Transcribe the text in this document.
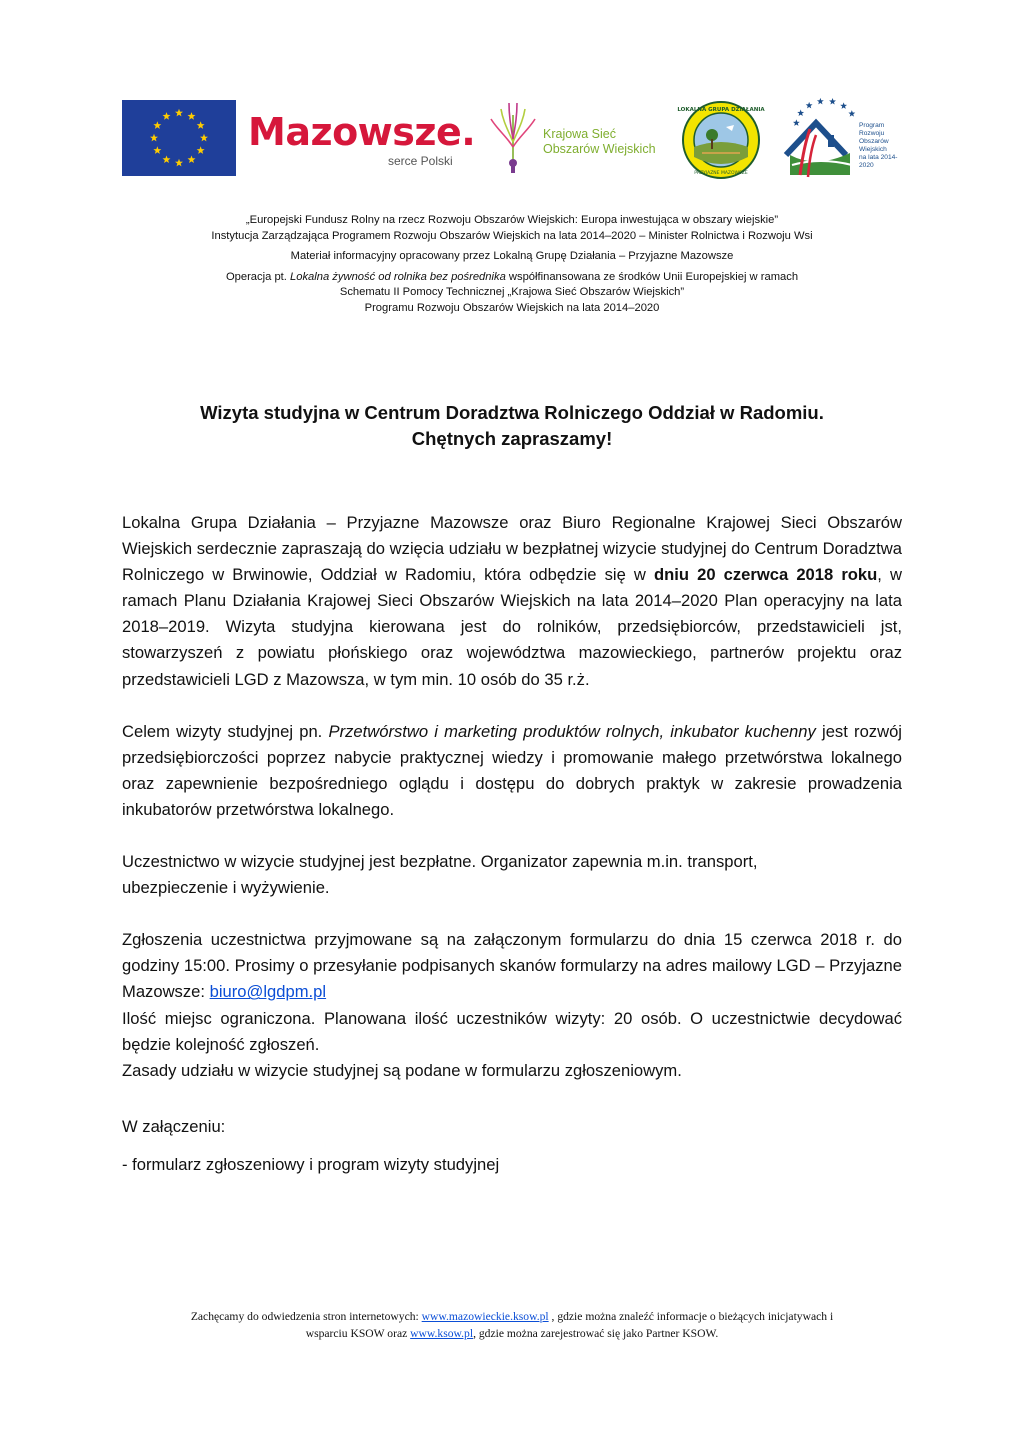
Mazowsze.
serce Polski
Krajowa Sieć
Obszarów Wiejskich
LOKALNA GRUPA DZIAŁANIA
PRZYJAZNE MAZOWSZE
Program
Rozwoju
Obszarów
Wiejskich
na lata 2014-2020

„Europejski Fundusz Rolny na rzecz Rozwoju Obszarów Wiejskich: Europa inwestująca w obszary wiejskie”

Instytucja Zarządzająca Programem Rozwoju Obszarów Wiejskich na lata 2014–2020 – Minister Rolnictwa i Rozwoju Wsi

Materiał informacyjny opracowany przez Lokalną Grupę Działania – Przyjazne Mazowsze

Operacja pt. Lokalna żywność od rolnika bez pośrednika współfinansowana ze środków Unii Europejskiej w ramach

Schematu II Pomocy Technicznej „Krajowa Sieć Obszarów Wiejskich”

Programu Rozwoju Obszarów Wiejskich na lata 2014–2020

Wizyta studyjna w Centrum Doradztwa Rolniczego Oddział w Radomiu.
Chętnych zapraszamy!

Lokalna Grupa Działania – Przyjazne Mazowsze oraz Biuro Regionalne Krajowej Sieci Obszarów Wiejskich serdecznie zapraszają do wzięcia udziału w bezpłatnej wizycie studyjnej do Centrum Doradztwa Rolniczego w Brwinowie, Oddział w Radomiu, która odbędzie się w dniu 20 czerwca 2018 roku, w ramach Planu Działania Krajowej Sieci Obszarów Wiejskich na lata 2014–2020 Plan operacyjny na lata 2018–2019. Wizyta studyjna kierowana jest do rolników, przedsiębiorców, przedstawicieli jst, stowarzyszeń z powiatu płońskiego oraz województwa mazowieckiego, partnerów projektu oraz przedstawicieli LGD z Mazowsza, w tym min. 10 osób do 35 r.ż.

Celem wizyty studyjnej pn. Przetwórstwo i marketing produktów rolnych, inkubator kuchenny jest rozwój przedsiębiorczości poprzez nabycie praktycznej wiedzy i promowanie małego przetwórstwa lokalnego oraz zapewnienie bezpośredniego oglądu i dostępu do dobrych praktyk w zakresie prowadzenia inkubatorów przetwórstwa lokalnego.

Uczestnictwo w wizycie studyjnej jest bezpłatne. Organizator zapewnia m.in. transport,
ubezpieczenie i wyżywienie.

Zgłoszenia uczestnictwa przyjmowane są na załączonym formularzu do dnia 15 czerwca 2018 r. do godziny 15:00. Prosimy o przesyłanie podpisanych skanów formularzy na adres mailowy LGD – Przyjazne Mazowsze: biuro@lgdpm.pl

Ilość miejsc ograniczona. Planowana ilość uczestników wizyty: 20 osób. O uczestnictwie decydować będzie kolejność zgłoszeń.

Zasady udziału w wizycie studyjnej są podane w formularzu zgłoszeniowym.

W załączeniu:

- formularz zgłoszeniowy i program wizyty studyjnej

Zachęcamy do odwiedzenia stron internetowych: www.mazowieckie.ksow.pl , gdzie można znaleźć informacje o bieżących inicjatywach i
wsparciu KSOW oraz www.ksow.pl, gdzie można zarejestrować się jako Partner KSOW.
